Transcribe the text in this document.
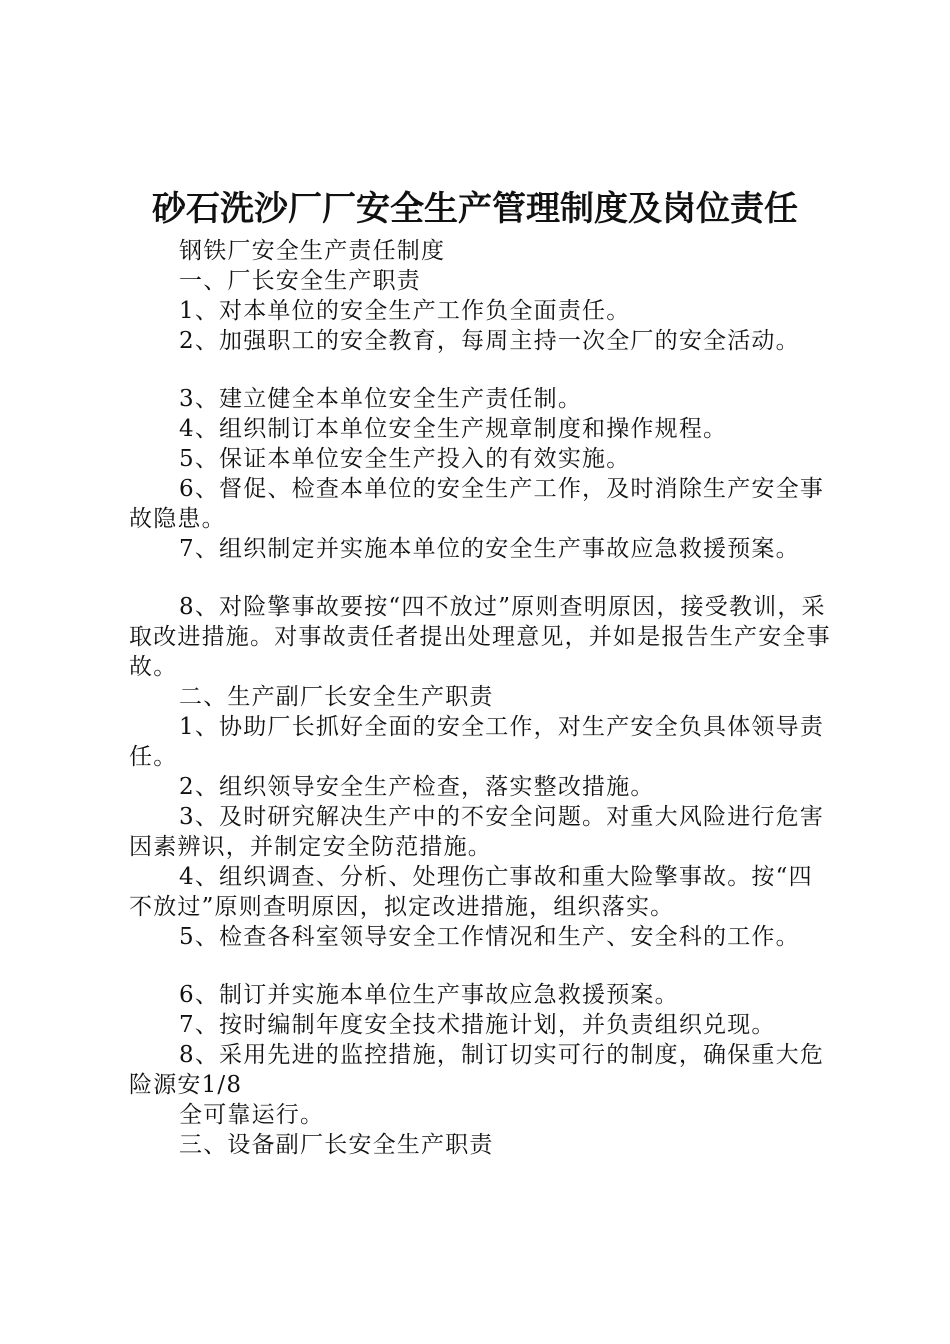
砂石洗沙厂厂安全生产管理制度及岗位责任

钢铁厂安全生产责任制度

一、厂长安全生产职责

1、对本单位的安全生产工作负全面责任。

2、加强职工的安全教育，每周主持一次全厂的安全活动。

3、建立健全本单位安全生产责任制。

4、组织制订本单位安全生产规章制度和操作规程。

5、保证本单位安全生产投入的有效实施。

6、督促、检查本单位的安全生产工作，及时消除生产安全事故隐患。

7、组织制定并实施本单位的安全生产事故应急救援预案。

8、对险擎事故要按“四不放过”原则查明原因，接受教训，采取改进措施。对事故责任者提出处理意见，并如是报告生产安全事故。

二、生产副厂长安全生产职责

1、协助厂长抓好全面的安全工作，对生产安全负具体领导责任。

2、组织领导安全生产检查，落实整改措施。

3、及时研究解决生产中的不安全问题。对重大风险进行危害因素辨识，并制定安全防范措施。

4、组织调查、分析、处理伤亡事故和重大险擎事故。按“四不放过”原则查明原因，拟定改进措施，组织落实。

5、检查各科室领导安全工作情况和生产、安全科的工作。

6、制订并实施本单位生产事故应急救援预案。

7、按时编制年度安全技术措施计划，并负责组织兑现。

8、采用先进的监控措施，制订切实可行的制度，确保重大危险源安1/8

全可靠运行。

三、设备副厂长安全生产职责
